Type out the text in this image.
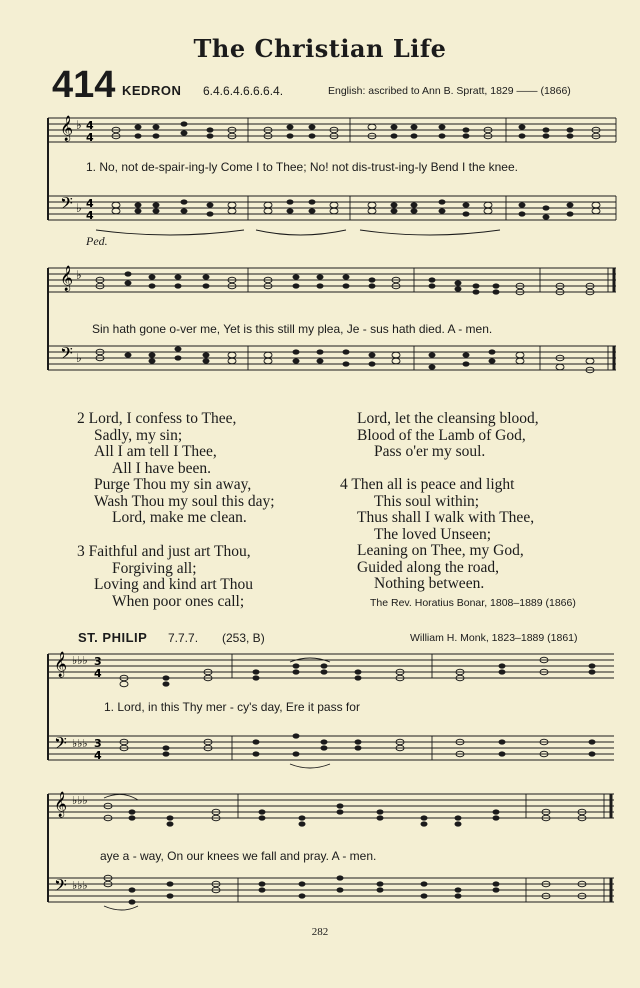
The Christian Life
414 KEDRON 6.4.6.4.6.6.6.4.	English: ascribed to Ann B. Spratt, 1829 —— (1866)
𝄞
𝄢
4
4
4
4
♭
♭
1. No, not de-spair-ing-ly Come I to Thee; No! not dis-trust-ing-ly Bend I the knee.
Ped.
𝄞
𝄢
♭
♭
Sin hath gone o-ver me, Yet is this still my plea, Je - sus hath died. A - men.
2 Lord, I confess to Thee,
Sadly, my sin;
All I am tell I Thee,
All I have been.
Purge Thou my sin away,
Wash Thou my soul this day;
Lord, make me clean.
3 Faithful and just art Thou,
Forgiving all;
Loving and kind art Thou
When poor ones call;
Lord, let the cleansing blood,
Blood of the Lamb of God,
Pass o'er my soul.
4 Then all is peace and light
This soul within;
Thus shall I walk with Thee,
The loved Unseen;
Leaning on Thee, my God,
Guided along the road,
Nothing between.
The Rev. Horatius Bonar, 1808–1889 (1866)
ST. PHILIP 7.7.7. (253, B)	William H. Monk, 1823–1889 (1861)
𝄞
𝄢
♭♭♭
♭♭♭
3
4
3
4
1. Lord, in this Thy mer - cy's day, Ere it pass for
𝄞
𝄢
♭♭♭
♭♭♭
aye a - way, On our knees we fall and pray. A - men.
282
